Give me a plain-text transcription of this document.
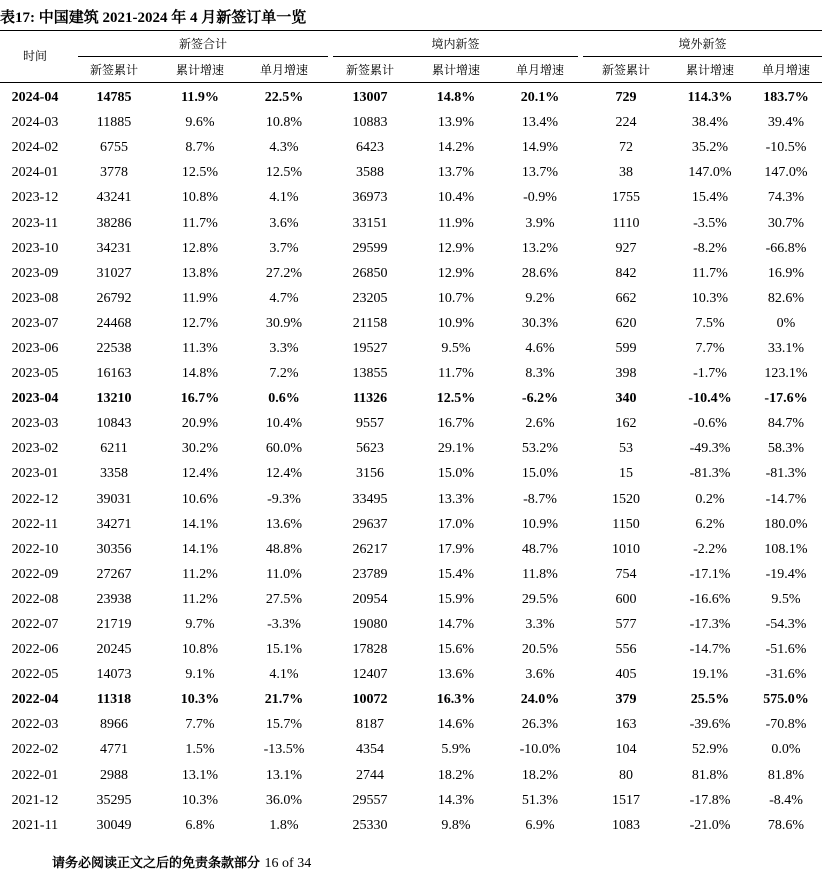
表17: 中国建筑 2021-2024 年 4 月新签订单一览
时间
新签合计	境内新签	境外新签
新签累计	累计增速	单月增速	新签累计	累计增速	单月增速	新签累计	累计增速	单月增速
2024-04	14785	11.9%	22.5%	13007	14.8%	20.1%	729	114.3%	183.7%
2024-03	11885	9.6%	10.8%	10883	13.9%	13.4%	224	38.4%	39.4%
2024-02	6755	8.7%	4.3%	6423	14.2%	14.9%	72	35.2%	-10.5%
2024-01	3778	12.5%	12.5%	3588	13.7%	13.7%	38	147.0%	147.0%
2023-12	43241	10.8%	4.1%	36973	10.4%	-0.9%	1755	15.4%	74.3%
2023-11	38286	11.7%	3.6%	33151	11.9%	3.9%	1110	-3.5%	30.7%
2023-10	34231	12.8%	3.7%	29599	12.9%	13.2%	927	-8.2%	-66.8%
2023-09	31027	13.8%	27.2%	26850	12.9%	28.6%	842	11.7%	16.9%
2023-08	26792	11.9%	4.7%	23205	10.7%	9.2%	662	10.3%	82.6%
2023-07	24468	12.7%	30.9%	21158	10.9%	30.3%	620	7.5%	0%
2023-06	22538	11.3%	3.3%	19527	9.5%	4.6%	599	7.7%	33.1%
2023-05	16163	14.8%	7.2%	13855	11.7%	8.3%	398	-1.7%	123.1%
2023-04	13210	16.7%	0.6%	11326	12.5%	-6.2%	340	-10.4%	-17.6%
2023-03	10843	20.9%	10.4%	9557	16.7%	2.6%	162	-0.6%	84.7%
2023-02	6211	30.2%	60.0%	5623	29.1%	53.2%	53	-49.3%	58.3%
2023-01	3358	12.4%	12.4%	3156	15.0%	15.0%	15	-81.3%	-81.3%
2022-12	39031	10.6%	-9.3%	33495	13.3%	-8.7%	1520	0.2%	-14.7%
2022-11	34271	14.1%	13.6%	29637	17.0%	10.9%	1150	6.2%	180.0%
2022-10	30356	14.1%	48.8%	26217	17.9%	48.7%	1010	-2.2%	108.1%
2022-09	27267	11.2%	11.0%	23789	15.4%	11.8%	754	-17.1%	-19.4%
2022-08	23938	11.2%	27.5%	20954	15.9%	29.5%	600	-16.6%	9.5%
2022-07	21719	9.7%	-3.3%	19080	14.7%	3.3%	577	-17.3%	-54.3%
2022-06	20245	10.8%	15.1%	17828	15.6%	20.5%	556	-14.7%	-51.6%
2022-05	14073	9.1%	4.1%	12407	13.6%	3.6%	405	19.1%	-31.6%
2022-04	11318	10.3%	21.7%	10072	16.3%	24.0%	379	25.5%	575.0%
2022-03	8966	7.7%	15.7%	8187	14.6%	26.3%	163	-39.6%	-70.8%
2022-02	4771	1.5%	-13.5%	4354	5.9%	-10.0%	104	52.9%	0.0%
2022-01	2988	13.1%	13.1%	2744	18.2%	18.2%	80	81.8%	81.8%
2021-12	35295	10.3%	36.0%	29557	14.3%	51.3%	1517	-17.8%	-8.4%
2021-11	30049	6.8%	1.8%	25330	9.8%	6.9%	1083	-21.0%	78.6%
请务必阅读正文之后的免责条款部分 16 of 34
